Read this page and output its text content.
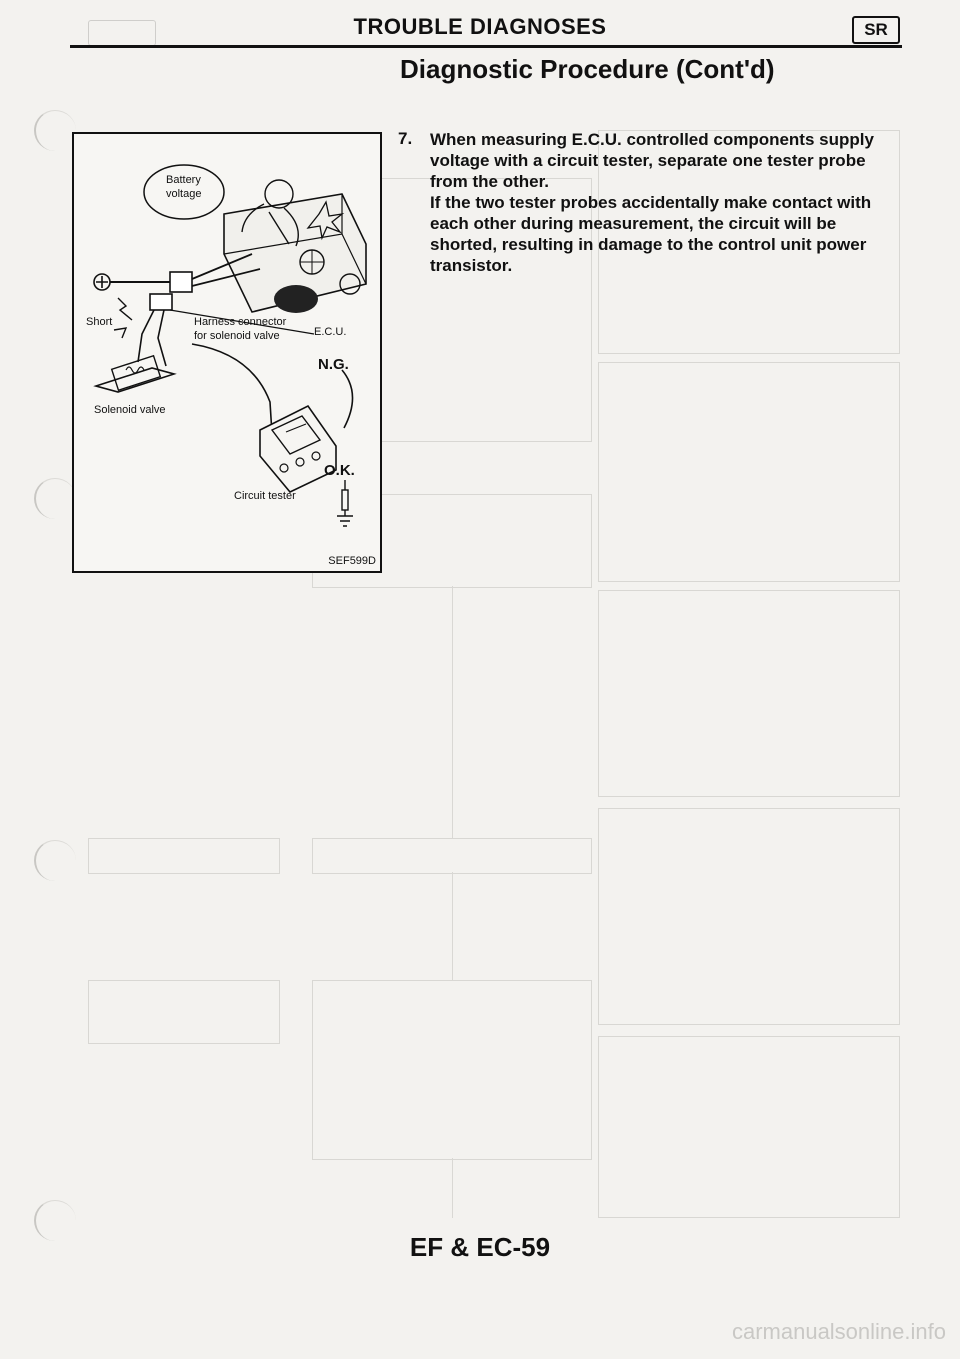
TROUBLE DIAGNOSES	SR
Diagnostic Procedure (Cont'd)
Battery
voltage
Short	Harness connector
for solenoid valve	E.C.U.
N.G.
Solenoid valve
O.K.
Circuit tester
SEF599D
7. When measuring E.C.U. controlled components supply voltage with a circuit tester, separate one tester probe from the other.

If the two tester probes accidentally make contact with each other during measurement, the circuit will be shorted, resulting in damage to the control unit power transistor.

EF & EC-59
carmanualsonline.info
